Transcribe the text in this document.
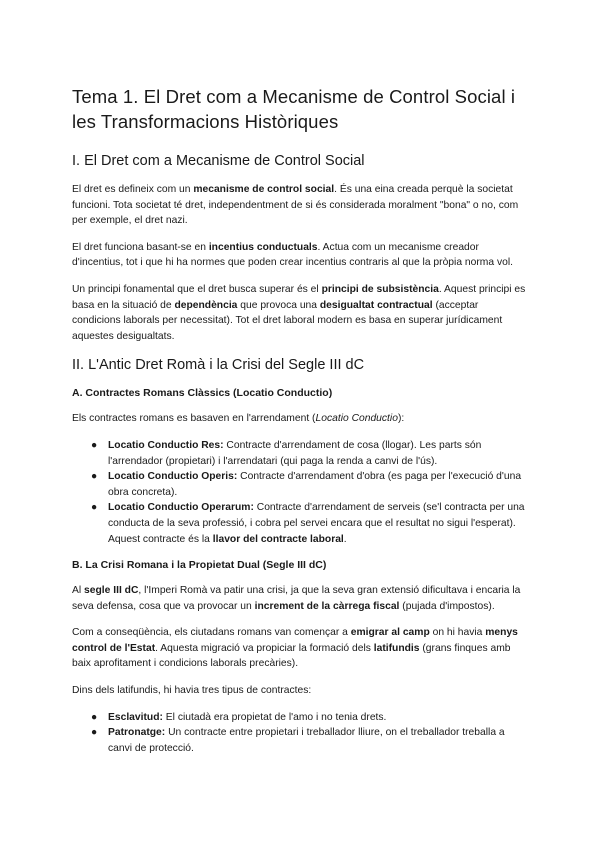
Tema 1. El Dret com a Mecanisme de Control Social i les Transformacions Històriques
I. El Dret com a Mecanisme de Control Social

El dret es defineix com un mecanisme de control social. És una eina creada perquè la societat funcioni. Tota societat té dret, independentment de si és considerada moralment "bona" o no, com per exemple, el dret nazi.

El dret funciona basant-se en incentius conductuals. Actua com un mecanisme creador d'incentius, tot i que hi ha normes que poden crear incentius contraris al que la pròpia norma vol.

Un principi fonamental que el dret busca superar és el principi de subsistència. Aquest principi es basa en la situació de dependència que provoca una desigualtat contractual (acceptar condicions laborals per necessitat). Tot el dret laboral modern es basa en superar jurídicament aquestes desigualtats.

II. L'Antic Dret Romà i la Crisi del Segle III dC
A. Contractes Romans Clàssics (Locatio Conductio)

Els contractes romans es basaven en l'arrendament (Locatio Conductio):

● Locatio Conductio Res: Contracte d'arrendament de cosa (llogar). Les parts són l'arrendador (propietari) i l'arrendatari (qui paga la renda a canvi de l'ús).
● Locatio Conductio Operis: Contracte d'arrendament d'obra (es paga per l'execució d'una obra concreta).
● Locatio Conductio Operarum: Contracte d'arrendament de serveis (se'l contracta per una conducta de la seva professió, i cobra pel servei encara que el resultat no sigui l'esperat). Aquest contracte és la llavor del contracte laboral.
B. La Crisi Romana i la Propietat Dual (Segle III dC)

Al segle III dC, l'Imperi Romà va patir una crisi, ja que la seva gran extensió dificultava i encaria la seva defensa, cosa que va provocar un increment de la càrrega fiscal (pujada d'impostos).

Com a conseqüència, els ciutadans romans van començar a emigrar al camp on hi havia menys control de l'Estat. Aquesta migració va propiciar la formació dels latifundis (grans finques amb baix aprofitament i condicions laborals precàries).

Dins dels latifundis, hi havia tres tipus de contractes:

● Esclavitud: El ciutadà era propietat de l'amo i no tenia drets.
● Patronatge: Un contracte entre propietari i treballador lliure, on el treballador treballa a canvi de protecció.
